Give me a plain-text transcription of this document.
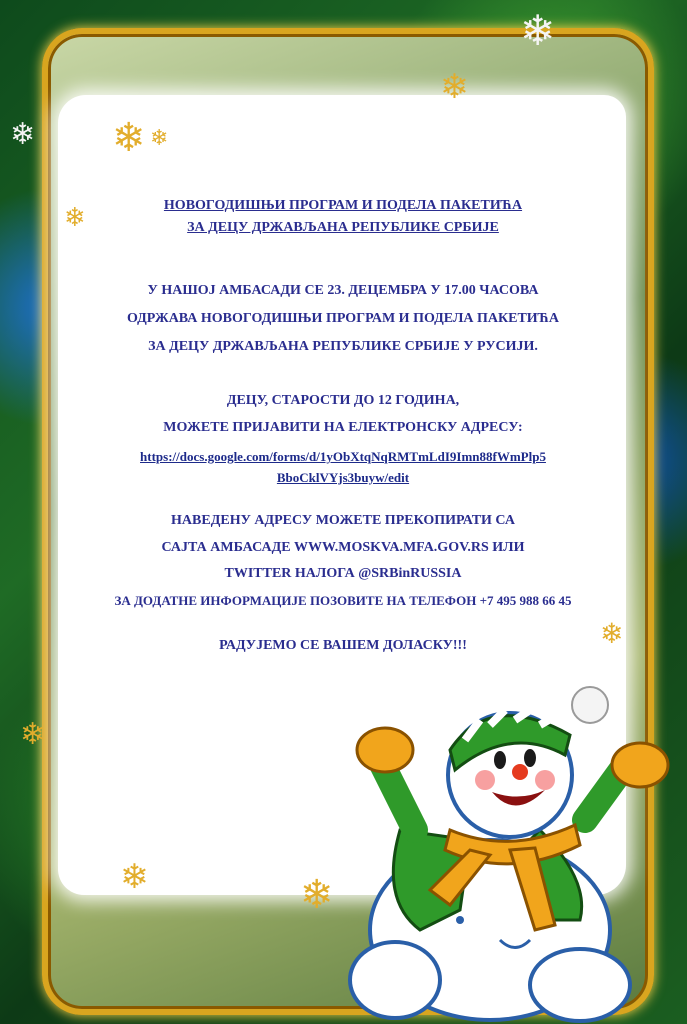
❄ ❄
❄
❄
❄	❄
❄
❄
❄
❄
НОВОГОДИШЊИ ПРОГРАМ И ПОДЕЛА ПАКЕТИЋА
ЗА ДЕЦУ ДРЖАВЉАНА РЕПУБЛИКЕ СРБИЈЕ
У НАШОЈ АМБАСАДИ СЕ 23. ДЕЦЕМБРА У 17.00 ЧАСОВА
ОДРЖАВА НОВОГОДИШЊИ ПРОГРАМ И ПОДЕЛА ПАКЕТИЋА
ЗА ДЕЦУ ДРЖАВЉАНА РЕПУБЛИКЕ СРБИЈЕ У РУСИЈИ.
ДЕЦУ, СТАРОСТИ ДО 12 ГОДИНА,
МОЖЕТЕ ПРИЈАВИТИ НА ЕЛЕКТРОНСКУ АДРЕСУ:
https://docs.google.com/forms/d/1yObXtqNqRMTmLdI9Imn88fWmPlp5
BboCklVYjs3buyw/edit
НАВЕДЕНУ АДРЕСУ МОЖЕТЕ ПРЕКОПИРАТИ СА
САЈТА АМБАСАДЕ WWW.MOSKVA.MFA.GOV.RS ИЛИ
TWITTER НАЛОГА @SRBinRUSSIA
ЗА ДОДАТНЕ ИНФОРМАЦИЈЕ ПОЗОВИТЕ НА ТЕЛЕФОН +7 495 988 66 45
РАДУЈЕМО СЕ ВАШЕМ ДОЛАСКУ!!!
